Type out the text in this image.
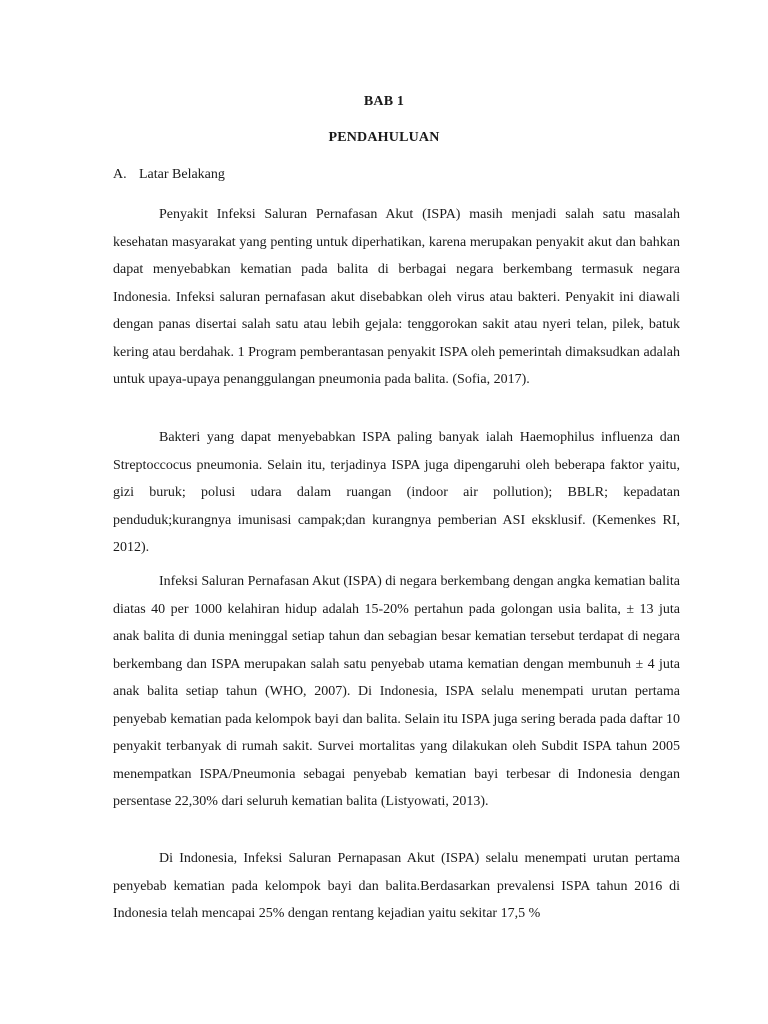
BAB 1
PENDAHULUAN
A. Latar Belakang

Penyakit Infeksi Saluran Pernafasan Akut (ISPA) masih menjadi salah satu masalah kesehatan masyarakat yang penting untuk diperhatikan, karena merupakan penyakit akut dan bahkan dapat menyebabkan kematian pada balita di berbagai negara berkembang termasuk negara Indonesia. Infeksi saluran pernafasan akut disebabkan oleh virus atau bakteri. Penyakit ini diawali dengan panas disertai salah satu atau lebih gejala: tenggorokan sakit atau nyeri telan, pilek, batuk kering atau berdahak. 1 Program pemberantasan penyakit ISPA oleh pemerintah dimaksudkan adalah untuk upaya-upaya penanggulangan pneumonia pada balita. (Sofia, 2017).

Bakteri yang dapat menyebabkan ISPA paling banyak ialah Haemophilus influenza dan Streptoccocus pneumonia. Selain itu, terjadinya ISPA juga dipengaruhi oleh beberapa faktor yaitu, gizi buruk; polusi udara dalam ruangan (indoor air pollution); BBLR; kepadatan penduduk;kurangnya imunisasi campak;dan kurangnya pemberian ASI eksklusif. (Kemenkes RI, 2012).

Infeksi Saluran Pernafasan Akut (ISPA) di negara berkembang dengan angka kematian balita diatas 40 per 1000 kelahiran hidup adalah 15-20% pertahun pada golongan usia balita, ± 13 juta anak balita di dunia meninggal setiap tahun dan sebagian besar kematian tersebut terdapat di negara berkembang dan ISPA merupakan salah satu penyebab utama kematian dengan membunuh ± 4 juta anak balita setiap tahun (WHO, 2007). Di Indonesia, ISPA selalu menempati urutan pertama penyebab kematian pada kelompok bayi dan balita. Selain itu ISPA juga sering berada pada daftar 10 penyakit terbanyak di rumah sakit. Survei mortalitas yang dilakukan oleh Subdit ISPA tahun 2005 menempatkan ISPA/Pneumonia sebagai penyebab kematian bayi terbesar di Indonesia dengan persentase 22,30% dari seluruh kematian balita (Listyowati, 2013).

Di Indonesia, Infeksi Saluran Pernapasan Akut (ISPA) selalu menempati urutan pertama penyebab kematian pada kelompok bayi dan balita.Berdasarkan prevalensi ISPA tahun 2016 di Indonesia telah mencapai 25% dengan rentang kejadian yaitu sekitar 17,5 %
